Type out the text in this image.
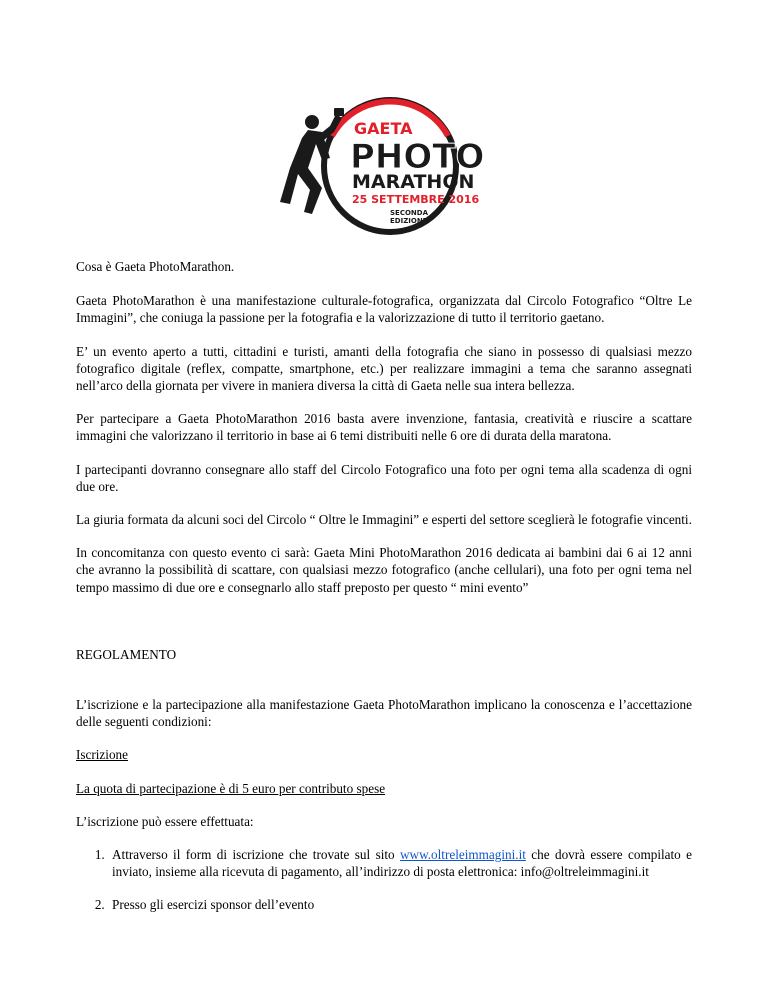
GAETA
PHOTO
MARATHON
25 SETTEMBRE 2016
SECONDA
EDIZIONE

Cosa è Gaeta PhotoMarathon.

Gaeta PhotoMarathon è una manifestazione culturale-fotografica, organizzata dal Circolo Fotografico “Oltre Le Immagini”, che coniuga la passione per la fotografia e la valorizzazione di tutto il territorio gaetano.

E’ un evento aperto a tutti, cittadini e turisti, amanti della fotografia che siano in possesso di qualsiasi mezzo fotografico digitale (reflex, compatte, smartphone, etc.) per realizzare immagini a tema che saranno assegnati nell’arco della giornata per vivere in maniera diversa la città di Gaeta nelle sua intera bellezza.

Per partecipare a Gaeta PhotoMarathon 2016 basta avere invenzione, fantasia, creatività e riuscire a scattare immagini che valorizzano il territorio in base ai 6 temi distribuiti nelle 6 ore di durata della maratona.

I partecipanti dovranno consegnare allo staff del Circolo Fotografico una foto per ogni tema alla scadenza di ogni due ore.

La giuria formata da alcuni soci del Circolo “ Oltre le Immagini” e esperti del settore sceglierà le fotografie vincenti.

In concomitanza con questo evento ci sarà: Gaeta Mini PhotoMarathon 2016 dedicata ai bambini dai 6 ai 12 anni che avranno la possibilità di scattare, con qualsiasi mezzo fotografico (anche cellulari), una foto per ogni tema nel tempo massimo di due ore e consegnarlo allo staff preposto per questo “ mini evento”

REGOLAMENTO

L’iscrizione e la partecipazione alla manifestazione Gaeta PhotoMarathon implicano la conoscenza e l’accettazione delle seguenti condizioni:

Iscrizione

La quota di partecipazione è di 5 euro per contributo spese

L’iscrizione può essere effettuata:

1. Attraverso il form di iscrizione che trovate sul sito www.oltreleimmagini.it che dovrà essere compilato e inviato, insieme alla ricevuta di pagamento, all’indirizzo di posta elettronica: info@oltreleimmagini.it
2. Presso gli esercizi sponsor dell’evento
